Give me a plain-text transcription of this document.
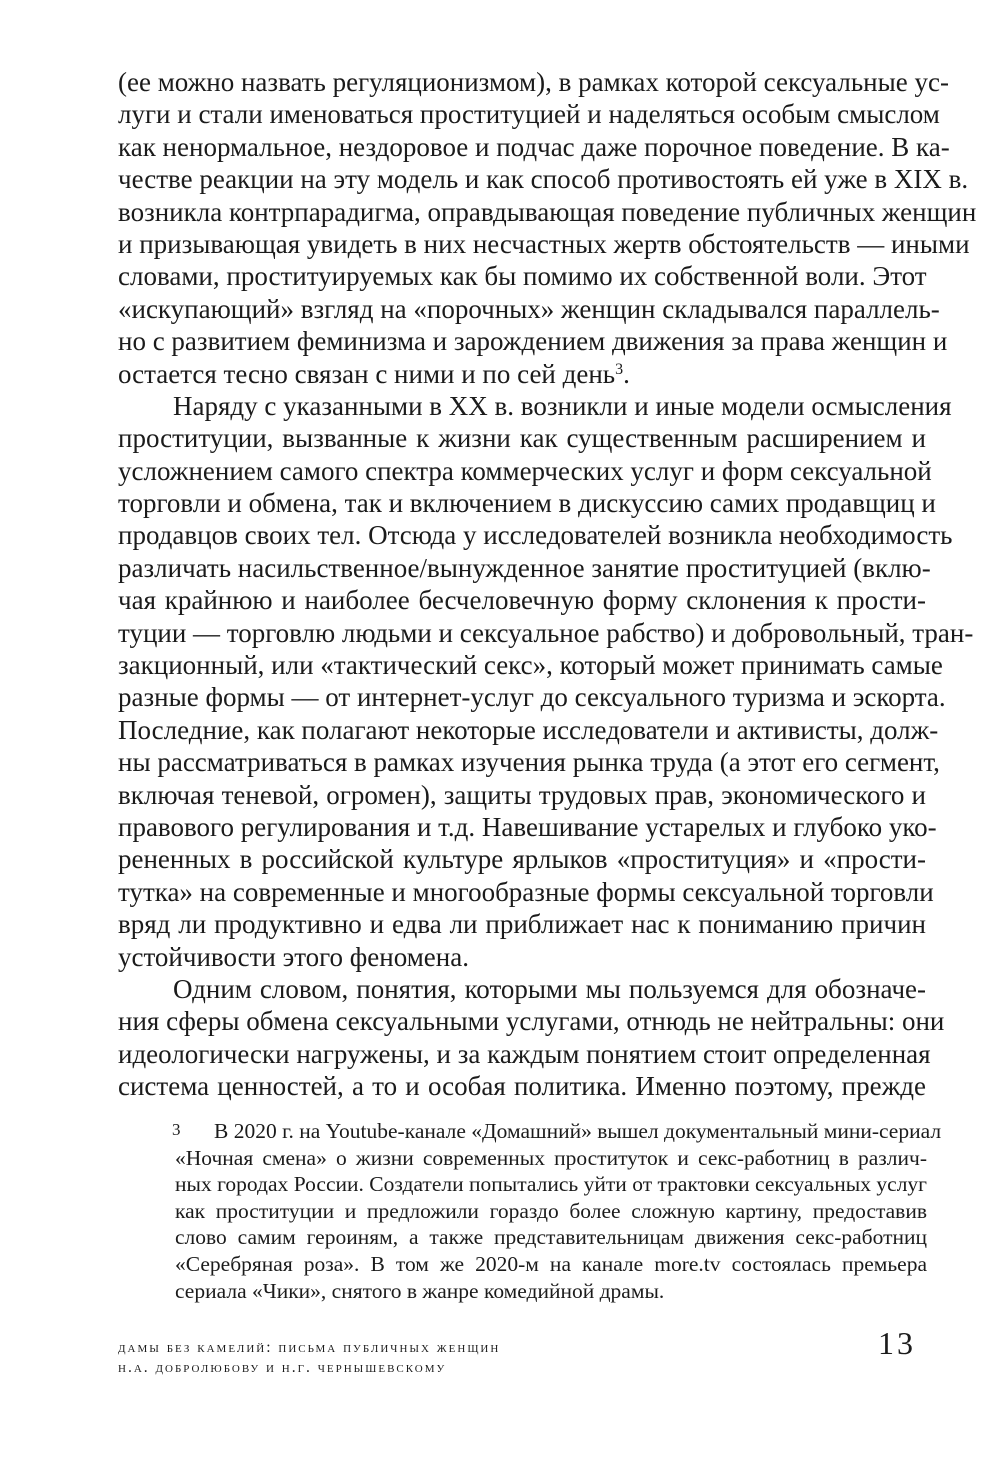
(ее можно назвать регуляционизмом), в рамках которой сексуальные ус-
луги и стали именоваться проституцией и наделяться особым смыслом
как ненормальное, нездоровое и подчас даже порочное поведение. В ка-
честве реакции на эту модель и как способ противостоять ей уже в XIX в.
возникла контрпарадигма, оправдывающая поведение публичных женщин
и призывающая увидеть в них несчастных жертв обстоятельств — иными
словами, проституируемых как бы помимо их собственной воли. Этот
«искупающий» взгляд на «порочных» женщин складывался параллель-
но с развитием феминизма и зарождением движения за права женщин и
остается тесно связан с ними и по сей день$^3$.
Наряду с указанными в XX в. возникли и иные модели осмысления
проституции, вызванные к жизни как существенным расширением и
усложнением самого спектра коммерческих услуг и форм сексуальной
торговли и обмена, так и включением в дискуссию самих продавщиц и
продавцов своих тел. Отсюда у исследователей возникла необходимость
различать насильственное/вынужденное занятие проституцией (вклю-
чая крайнюю и наиболее бесчеловечную форму склонения к прости-
туции — торговлю людьми и сексуальное рабство) и добровольный, тран-
закционный, или «тактический секс», который может принимать самые
разные формы — от интернет-услуг до сексуального туризма и эскорта.
Последние, как полагают некоторые исследователи и активисты, долж-
ны рассматриваться в рамках изучения рынка труда (а этот его сегмент,
включая теневой, огромен), защиты трудовых прав, экономического и
правового регулирования и т.д. Навешивание устарелых и глубоко уко-
рененных в российской культуре ярлыков «проституция» и «прости-
тутка» на современные и многообразные формы сексуальной торговли
вряд ли продуктивно и едва ли приближает нас к пониманию причин
устойчивости этого феномена.
Одним словом, понятия, которыми мы пользуемся для обозначе-
ния сферы обмена сексуальными услугами, отнюдь не нейтральны: они
идеологически нагружены, и за каждым понятием стоит определенная
система ценностей, а то и особая политика. Именно поэтому, прежде
3	В 2020 г. на Youtube-канале «Домашний» вышел документальный мини-сериал
«Ночная смена» о жизни современных проституток и секс-работниц в различ-
ных городах России. Создатели попытались уйти от трактовки сексуальных услуг
как проституции и предложили гораздо более сложную картину, предоставив
слово самим героиням, а также представительницам движения секс-работниц
«Серебряная роза». В том же 2020-м на канале more.tv состоялась премьера
сериала «Чики», снятого в жанре комедийной драмы.
дамы без камелий: письма публичных женщин
н.а. добролюбову и н.г. чернышевскому
13
